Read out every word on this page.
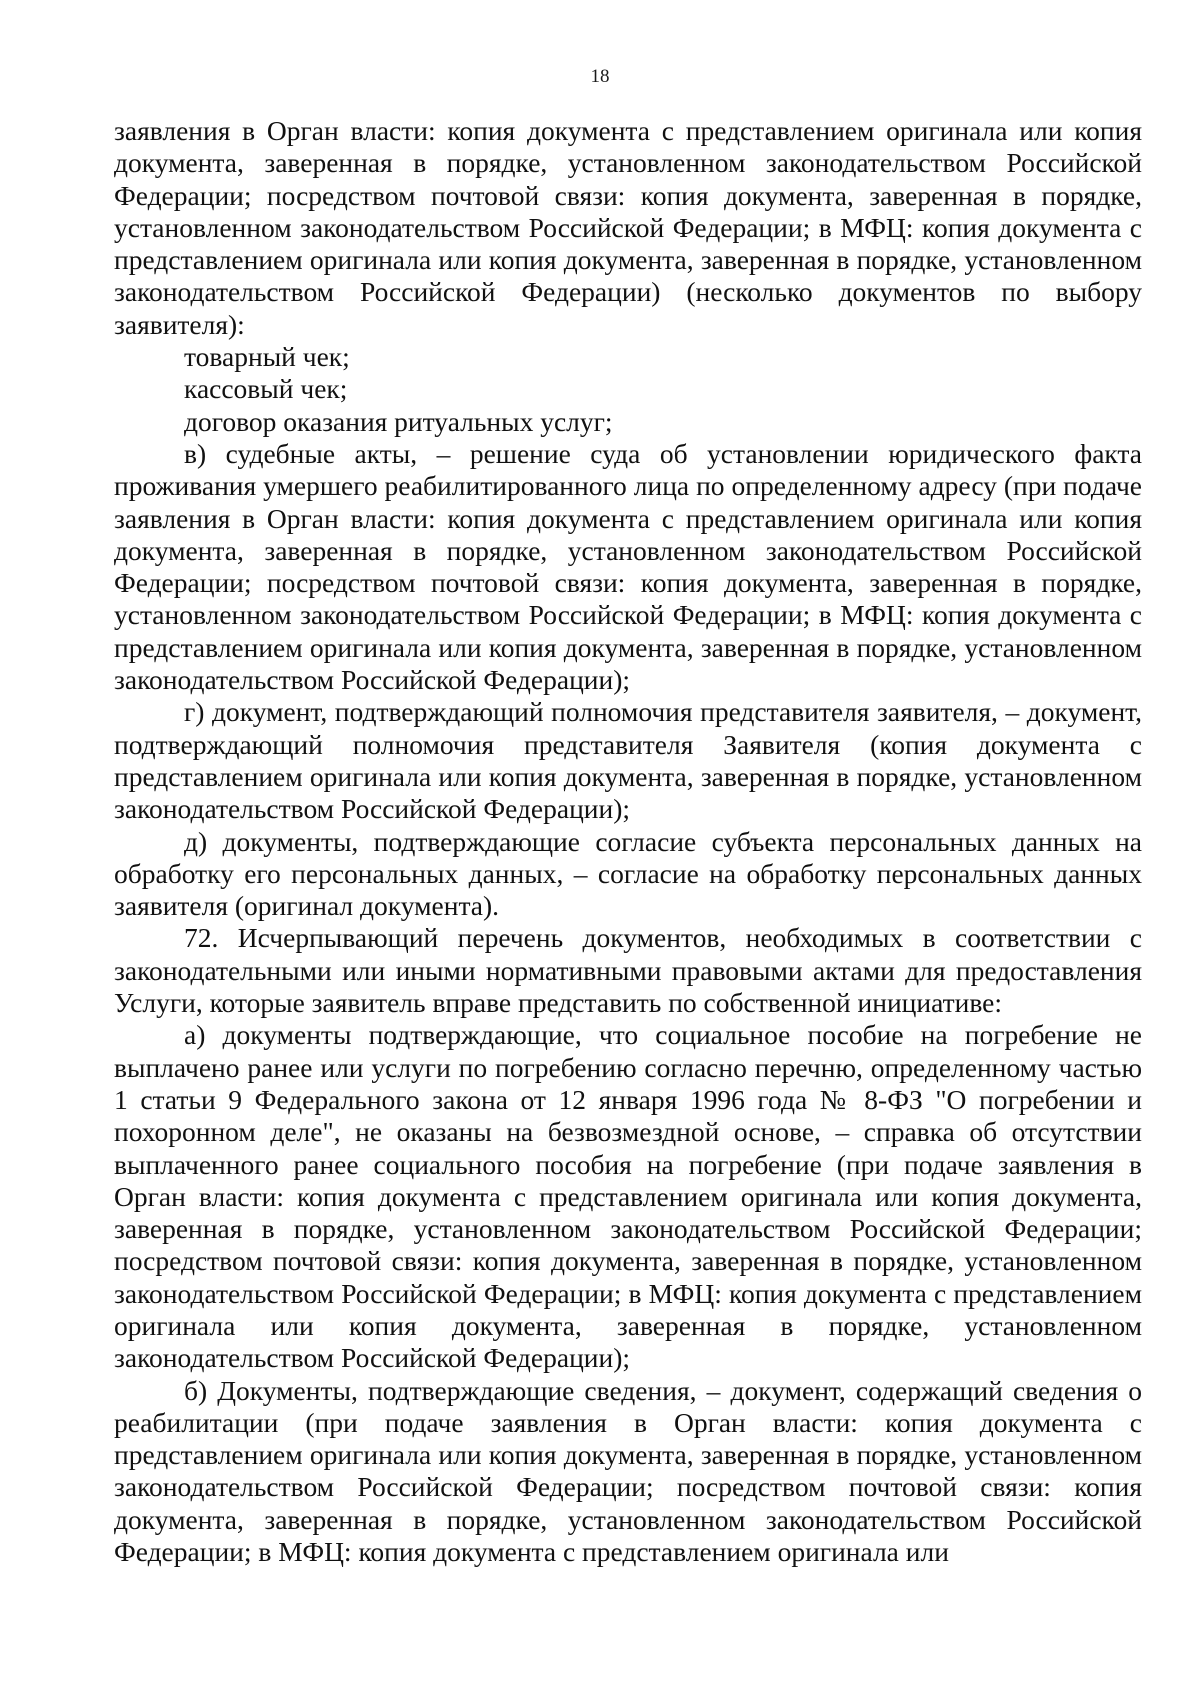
18

заявления в Орган власти: копия документа с представлением оригинала или копия документа, заверенная в порядке, установленном законодательством Российской Федерации; посредством почтовой связи: копия документа, заверенная в порядке, установленном законодательством Российской Федерации; в МФЦ: копия документа с представлением оригинала или копия документа, заверенная в порядке, установленном законодательством Российской Федерации) (несколько документов по выбору заявителя):

товарный чек;

кассовый чек;

договор оказания ритуальных услуг;

в) судебные акты, – решение суда об установлении юридического факта проживания умершего реабилитированного лица по определенному адресу (при подаче заявления в Орган власти: копия документа с представлением оригинала или копия документа, заверенная в порядке, установленном законодательством Российской Федерации; посредством почтовой связи: копия документа, заверенная в порядке, установленном законодательством Российской Федерации; в МФЦ: копия документа с представлением оригинала или копия документа, заверенная в порядке, установленном законодательством Российской Федерации);

г) документ, подтверждающий полномочия представителя заявителя, – документ, подтверждающий полномочия представителя Заявителя (копия документа с представлением оригинала или копия документа, заверенная в порядке, установленном законодательством Российской Федерации);

д) документы, подтверждающие согласие субъекта персональных данных на обработку его персональных данных, – согласие на обработку персональных данных заявителя (оригинал документа).

72. Исчерпывающий перечень документов, необходимых в соответствии с законодательными или иными нормативными правовыми актами для предоставления Услуги, которые заявитель вправе представить по собственной инициативе:

а) документы подтверждающие, что социальное пособие на погребение не выплачено ранее или услуги по погребению согласно перечню, определенному частью 1 статьи 9 Федерального закона от 12 января 1996 года № 8-ФЗ "О погребении и похоронном деле", не оказаны на безвозмездной основе, – справка об отсутствии выплаченного ранее социального пособия на погребение (при подаче заявления в Орган власти: копия документа с представлением оригинала или копия документа, заверенная в порядке, установленном законодательством Российской Федерации; посредством почтовой связи: копия документа, заверенная в порядке, установленном законодательством Российской Федерации; в МФЦ: копия документа с представлением оригинала или копия документа, заверенная в порядке, установленном законодательством Российской Федерации);

б) Документы, подтверждающие сведения, – документ, содержащий сведения о реабилитации (при подаче заявления в Орган власти: копия документа с представлением оригинала или копия документа, заверенная в порядке, установленном законодательством Российской Федерации; посредством почтовой связи: копия документа, заверенная в порядке, установленном законодательством Российской Федерации; в МФЦ: копия документа с представлением оригинала или
